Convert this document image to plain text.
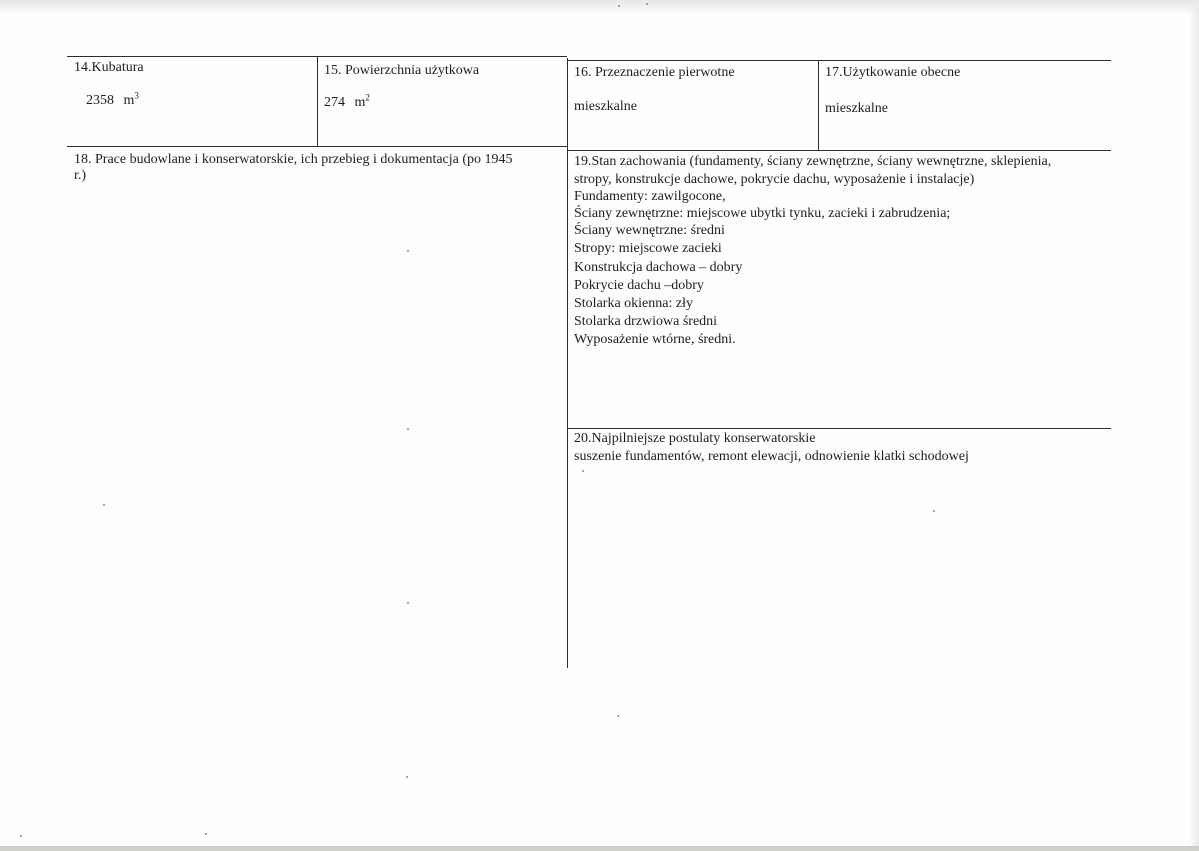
14.Kubatura
2358 $m^3$
15. Powierzchnia użytkowa
274 $m^2$
16. Przeznaczenie pierwotne
mieszkalne
17.Użytkowanie obecne
mieszkalne
18. Prace budowlane i konserwatorskie, ich przebieg i dokumentacja (po 1945
r.)
19.Stan zachowania (fundamenty, ściany zewnętrzne, ściany wewnętrzne, sklepienia,
stropy, konstrukcje dachowe, pokrycie dachu, wyposażenie i instalacje)
Fundamenty: zawilgocone,
Ściany zewnętrzne: miejscowe ubytki tynku, zacieki i zabrudzenia;
Ściany wewnętrzne: średni
Stropy: miejscowe zacieki
Konstrukcja dachowa – dobry
Pokrycie dachu –dobry
Stolarka okienna: zły
Stolarka drzwiowa średni
Wyposażenie wtórne, średni.
20.Najpilniejsze postulaty konserwatorskie
suszenie fundamentów, remont elewacji, odnowienie klatki schodowej
